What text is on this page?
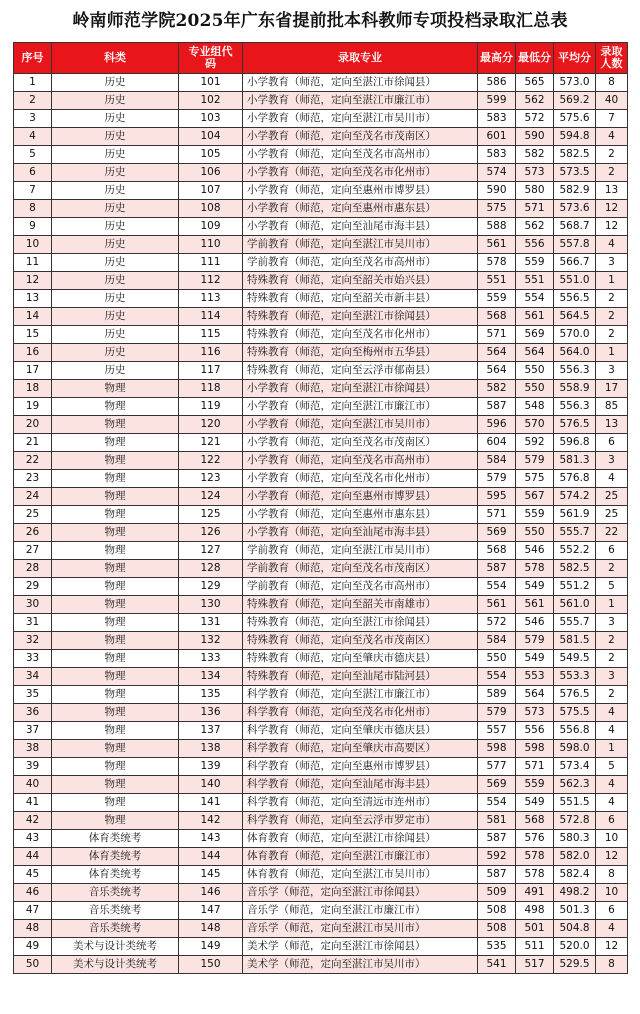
岭南师范学院2025年广东省提前批本科教师专项投档录取汇总表
序号	科类	专业组代码	录取专业	最高分	最低分	平均分	录取人数
1	历史	101	小学教育（师范，定向至湛江市徐闻县）	586	565	573.0	8
2	历史	102	小学教育（师范，定向至湛江市廉江市）	599	562	569.2	40
3	历史	103	小学教育（师范，定向至湛江市吴川市）	583	572	575.6	7
4	历史	104	小学教育（师范，定向至茂名市茂南区）	601	590	594.8	4
5	历史	105	小学教育（师范，定向至茂名市高州市）	583	582	582.5	2
6	历史	106	小学教育（师范，定向至茂名市化州市）	574	573	573.5	2
7	历史	107	小学教育（师范，定向至惠州市博罗县）	590	580	582.9	13
8	历史	108	小学教育（师范，定向至惠州市惠东县）	575	571	573.6	12
9	历史	109	小学教育（师范，定向至汕尾市海丰县）	588	562	568.7	12
10	历史	110	学前教育（师范，定向至湛江市吴川市）	561	556	557.8	4
11	历史	111	学前教育（师范，定向至茂名市高州市）	578	559	566.7	3
12	历史	112	特殊教育（师范，定向至韶关市始兴县）	551	551	551.0	1
13	历史	113	特殊教育（师范，定向至韶关市新丰县）	559	554	556.5	2
14	历史	114	特殊教育（师范，定向至湛江市徐闻县）	568	561	564.5	2
15	历史	115	特殊教育（师范，定向至茂名市化州市）	571	569	570.0	2
16	历史	116	特殊教育（师范，定向至梅州市五华县）	564	564	564.0	1
17	历史	117	特殊教育（师范，定向至云浮市郁南县）	564	550	556.3	3
18	物理	118	小学教育（师范，定向至湛江市徐闻县）	582	550	558.9	17
19	物理	119	小学教育（师范，定向至湛江市廉江市）	587	548	556.3	85
20	物理	120	小学教育（师范，定向至湛江市吴川市）	596	570	576.5	13
21	物理	121	小学教育（师范，定向至茂名市茂南区）	604	592	596.8	6
22	物理	122	小学教育（师范，定向至茂名市高州市）	584	579	581.3	3
23	物理	123	小学教育（师范，定向至茂名市化州市）	579	575	576.8	4
24	物理	124	小学教育（师范，定向至惠州市博罗县）	595	567	574.2	25
25	物理	125	小学教育（师范，定向至惠州市惠东县）	571	559	561.9	25
26	物理	126	小学教育（师范，定向至汕尾市海丰县）	569	550	555.7	22
27	物理	127	学前教育（师范，定向至湛江市吴川市）	568	546	552.2	6
28	物理	128	学前教育（师范，定向至茂名市茂南区）	587	578	582.5	2
29	物理	129	学前教育（师范，定向至茂名市高州市）	554	549	551.2	5
30	物理	130	特殊教育（师范，定向至韶关市南雄市）	561	561	561.0	1
31	物理	131	特殊教育（师范，定向至湛江市徐闻县）	572	546	555.7	3
32	物理	132	特殊教育（师范，定向至茂名市茂南区）	584	579	581.5	2
33	物理	133	特殊教育（师范，定向至肇庆市德庆县）	550	549	549.5	2
34	物理	134	特殊教育（师范，定向至汕尾市陆河县）	554	553	553.3	3
35	物理	135	科学教育（师范，定向至湛江市廉江市）	589	564	576.5	2
36	物理	136	科学教育（师范，定向至茂名市化州市）	579	573	575.5	4
37	物理	137	科学教育（师范，定向至肇庆市德庆县）	557	556	556.8	4
38	物理	138	科学教育（师范，定向至肇庆市高要区）	598	598	598.0	1
39	物理	139	科学教育（师范，定向至惠州市博罗县）	577	571	573.4	5
40	物理	140	科学教育（师范，定向至汕尾市海丰县）	569	559	562.3	4
41	物理	141	科学教育（师范，定向至清远市连州市）	554	549	551.5	4
42	物理	142	科学教育（师范，定向至云浮市罗定市）	581	568	572.8	6
43	体育类统考	143	体育教育（师范，定向至湛江市徐闻县）	587	576	580.3	10
44	体育类统考	144	体育教育（师范，定向至湛江市廉江市）	592	578	582.0	12
45	体育类统考	145	体育教育（师范，定向至湛江市吴川市）	587	578	582.4	8
46	音乐类统考	146	音乐学（师范，定向至湛江市徐闻县）	509	491	498.2	10
47	音乐类统考	147	音乐学（师范，定向至湛江市廉江市）	508	498	501.3	6
48	音乐类统考	148	音乐学（师范，定向至湛江市吴川市）	508	501	504.8	4
49	美术与设计类统考	149	美术学（师范，定向至湛江市徐闻县）	535	511	520.0	12
50	美术与设计类统考	150	美术学（师范，定向至湛江市吴川市）	541	517	529.5	8
